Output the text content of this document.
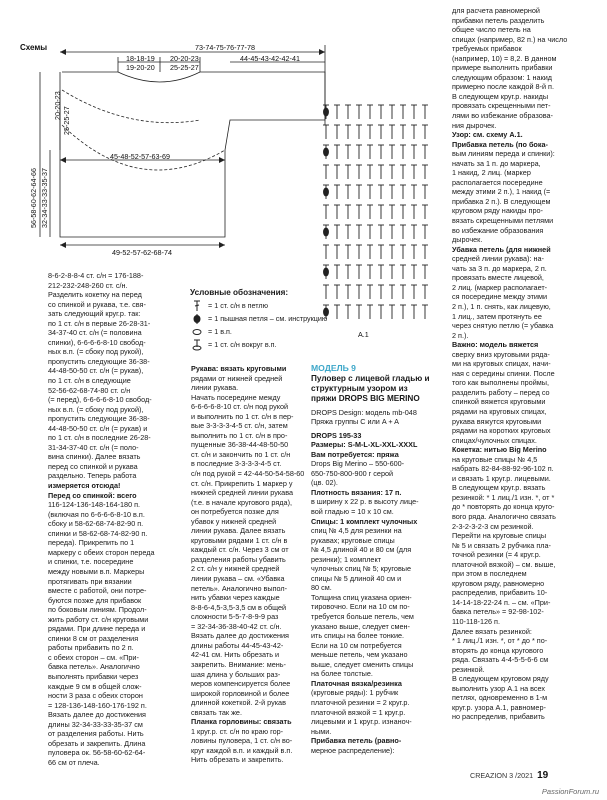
Схемы	73-74-75-76-77-78
18-18-19
19-20-20
20-20-23
25-25-27
44-45-43-42-42-41
45-48-52-57-63-69
49-52-57-62-68-74
56-58-60-62-64-66 32-34-33-33-35-37
20-20-23
25-25-27
A.1
Условные обозначения:
= 1 ст. с/н в петлю
= 1 пышная петля – см. инструкцию
= 1 в.п.
= 1 ст. с/н вокруг в.п.

8-6-2-8-8-4 ст. с/н = 176-188-

212-232-248-260 ст. с/н.

Разделить кокетку на перед

со спинкой и рукава, т.е. свя-

зать следующий круг.р. так:

по 1 ст. с/н в первые 26-28-31-

34-37-40 ст. с/н (= половина

спинки), 6-6-6-6-8-10 свобод-

ных в.п. (= сбоку под рукой),

пропустить следующие 36-38-

44-48-50-50 ст. с/н (= рукав),

по 1 ст. с/н в следующие

52-56-62-68-74-80 ст. с/н

(= перед), 6-6-6-6-8-10 свобод-

ных в.п. (= сбоку под рукой),

пропустить следующие 36-38-

44-48-50-50 ст. с/н (= рукав) и

по 1 ст. с/н в последние 26-28-

31-34-37-40 ст. с/н (= поло-

вина спинки). Далее вязать

перед со спинкой и рукава

раздельно. Теперь работа

измеряется отсюда!

Перед со спинкой: всего

116-124-136-148-164-180 п.

(включая по 6-6-6-6-8-10 в.п.

сбоку и 58-62-68-74-82-90 п.

спинки и 58-62-68-74-82-90 п.

переда). Прикрепить по 1

маркеру с обеих сторон переда

и спинки, т.е. посередине

между новыми в.п. Маркеры

протягивать при вязании

вместе с работой, они потре-

буются позже для прибавок

по боковым линиям. Продол-

жить работу ст. с/н круговыми

рядами. При длине переда и

спинки 8 см от разделения

работы прибавить по 2 п.

с обеих сторон – см. «При-

бавка петель». Аналогично

выполнять прибавки через

каждые 9 см в общей слож-

ности 3 раза с обеих сторон

= 128-136-148-160-176-192 п.

Вязать далее до достижения

длины 32-34-33-33-35-37 см

от разделения работы. Нить

обрезать и закрепить. Длина

пуловера ок. 56-58-60-62-64-

66 см от плеча.

Рукава: вязать круговыми

рядами от нижней средней

линии рукава.

Начать посередине между

6-6-6-6-8-10 ст. с/н под рукой

и выполнить по 1 ст. с/н в пер-

вые 3-3-3-3-4-5 ст. с/н, затем

выполнить по 1 ст. с/н в про-

пущенные 36-38-44-48-50-50

ст. с/н и закончить по 1 ст. с/н

в последние 3-3-3-3-4-5 ст.

с/н под рукой = 42-44-50-54-58-60

ст. с/н. Прикрепить 1 маркер у

нижней средней линии рукава

(т.е. в начале кругового ряда),

он потребуется позже для

убавок у нижней средней

линии рукава. Далее вязать

круговыми рядами 1 ст. с/н в

каждый ст. с/н. Через 3 см от

разделения работы убавить

2 ст. с/н у нижней средней

линии рукава – см. «Убавка

петель». Аналогично выпол-

нить убавки через каждые

8-8-6-4,5-3,5-3,5 см в общей

сложности 5-5-7-8-9-9 раз

= 32-34-36-38-40-42 ст. с/н.

Вязать далее до достижения

длины работы 44-45-43-42-

42-41 см. Нить обрезать и

закрепить. Внимание: мень-

шая длина у больших раз-

меров компенсируется более

широкой горловиной и более

длинной кокеткой. 2-й рукав

связать так же.

Планка горловины: связать

1 круг.р. ст. с/н по краю гор-

ловины пуловера, 1 ст. с/н во-

круг каждой в.п. и каждый в.п.

Нить обрезать и закрепить.

МОДЕЛЬ 9
Пуловер с лицевой гладью и структурным узором из пряжи DROPS BIG MERINO

DROPS Design: модель mb-048

Пряжа группы C или A + A

DROPS 195-33

Размеры: S-M-L-XL-XXL-XXXL

Вам потребуется: пряжа

Drops Big Merino – 550-600-

650-750-800-900 г серой

(цв. 02).

Плотность вязания: 17 п.

в ширину x 22 р. в высоту лице-

вой гладью = 10 x 10 см.

Спицы: 1 комплект чулочных

спиц № 4,5 для резинки на

рукавах; круговые спицы

№ 4,5 длиной 40 и 80 см (для

резинки); 1 комплект

чулочных спиц № 5; круговые

спицы № 5 длиной 40 см и

80 см.

Толщина спиц указана ориен-

тировочно. Если на 10 см по-

требуется больше петель, чем

указано выше, следует смен-

ить спицы на более тонкие.

Если на 10 см потребуется

меньше петель, чем указано

выше, следует сменить спицы

на более толстые.

Платочная вязка/резинка

(круговые ряды): 1 рубчик

платочной резинки = 2 круг.р.

платочной вязкой = 1 круг.р.

лицевыми и 1 круг.р. изнаноч-

ными.

Прибавка петель (равно-

мерное распределение):

для расчета равномерной

прибавки петель разделить

общее число петель на

спицах (например, 82 п.) на число

требуемых прибавок

(например, 10) = 8,2. В данном

примере выполнить прибавки

следующим образом: 1 накид

примерно после каждой 8-й п.

В следующем круг.р. накиды

провязать скрещенными пет-

лями во избежание образова-

ния дырочек.

Узор: см. схему A.1.

Прибавка петель (по бока-

вым линиям переда и спинки):

начать за 1 п. до маркера,

1 накид, 2 лиц. (маркер

располагается посередине

между этими 2 п.), 1 накид (=

прибавка 2 п.). В следующем

круговом ряду накиды про-

вязать скрещенными петлями

во избежание образования

дырочек.

Убавка петель (для нижней

средней линии рукава): на-

чать за 3 п. до маркера, 2 п.

провязать вместе лицевой,

2 лиц. (маркер располагает-

ся посередине между этими

2 п.), 1 п. снять, как лицевую,

1 лиц., затем протянуть ее

через снятую петлю (= убавка

2 п.).

Важно: модель вяжется

сверху вниз круговыми ряда-

ми на круговых спицах, начи-

ная с середины спинки. После

того как выполнены проймы,

разделить работу – перед со

спинкой вяжется круговыми

рядами на круговых спицах,

рукава вяжутся круговыми

рядами на коротких круговых

спицах/чулочных спицах.

Кокетка: нитью Big Merino

на круговые спицы № 4,5

набрать 82-84-88-92-96-102 п.

и связать 1 круг.р. лицевыми.

В следующем круг.р. вязать

резинкой: * 1 лиц./1 изн. *, от *

до * повторять до конца круго-

вого ряда. Аналогично связать

2-3-2-3-2-3 см резинкой.

Перейти на круговые спицы

№ 5 и связать 2 рубчика пла-

точной резинки (= 4 круг.р.

платочной вязкой) – см. выше,

при этом в последнем

круговом ряду, равномерно

распределив, прибавить 10-

14-14-18-22-24 п. – см. «При-

бавка петель» = 92-98-102-

110-118-126 п.

Далее вязать резинкой:

* 1 лиц./1 изн. *, от * до * по-

вторять до конца кругового

ряда. Связать 4-4-5-5-6-6 см

резинкой.

В следующем круговом ряду

выполнить узор A.1 на всех

петлях, одновременно в 1-м

круг.р. узора A.1, равномер-

но распределив, прибавить

CREAZION 3 /2021 19
PassionForum.ru
